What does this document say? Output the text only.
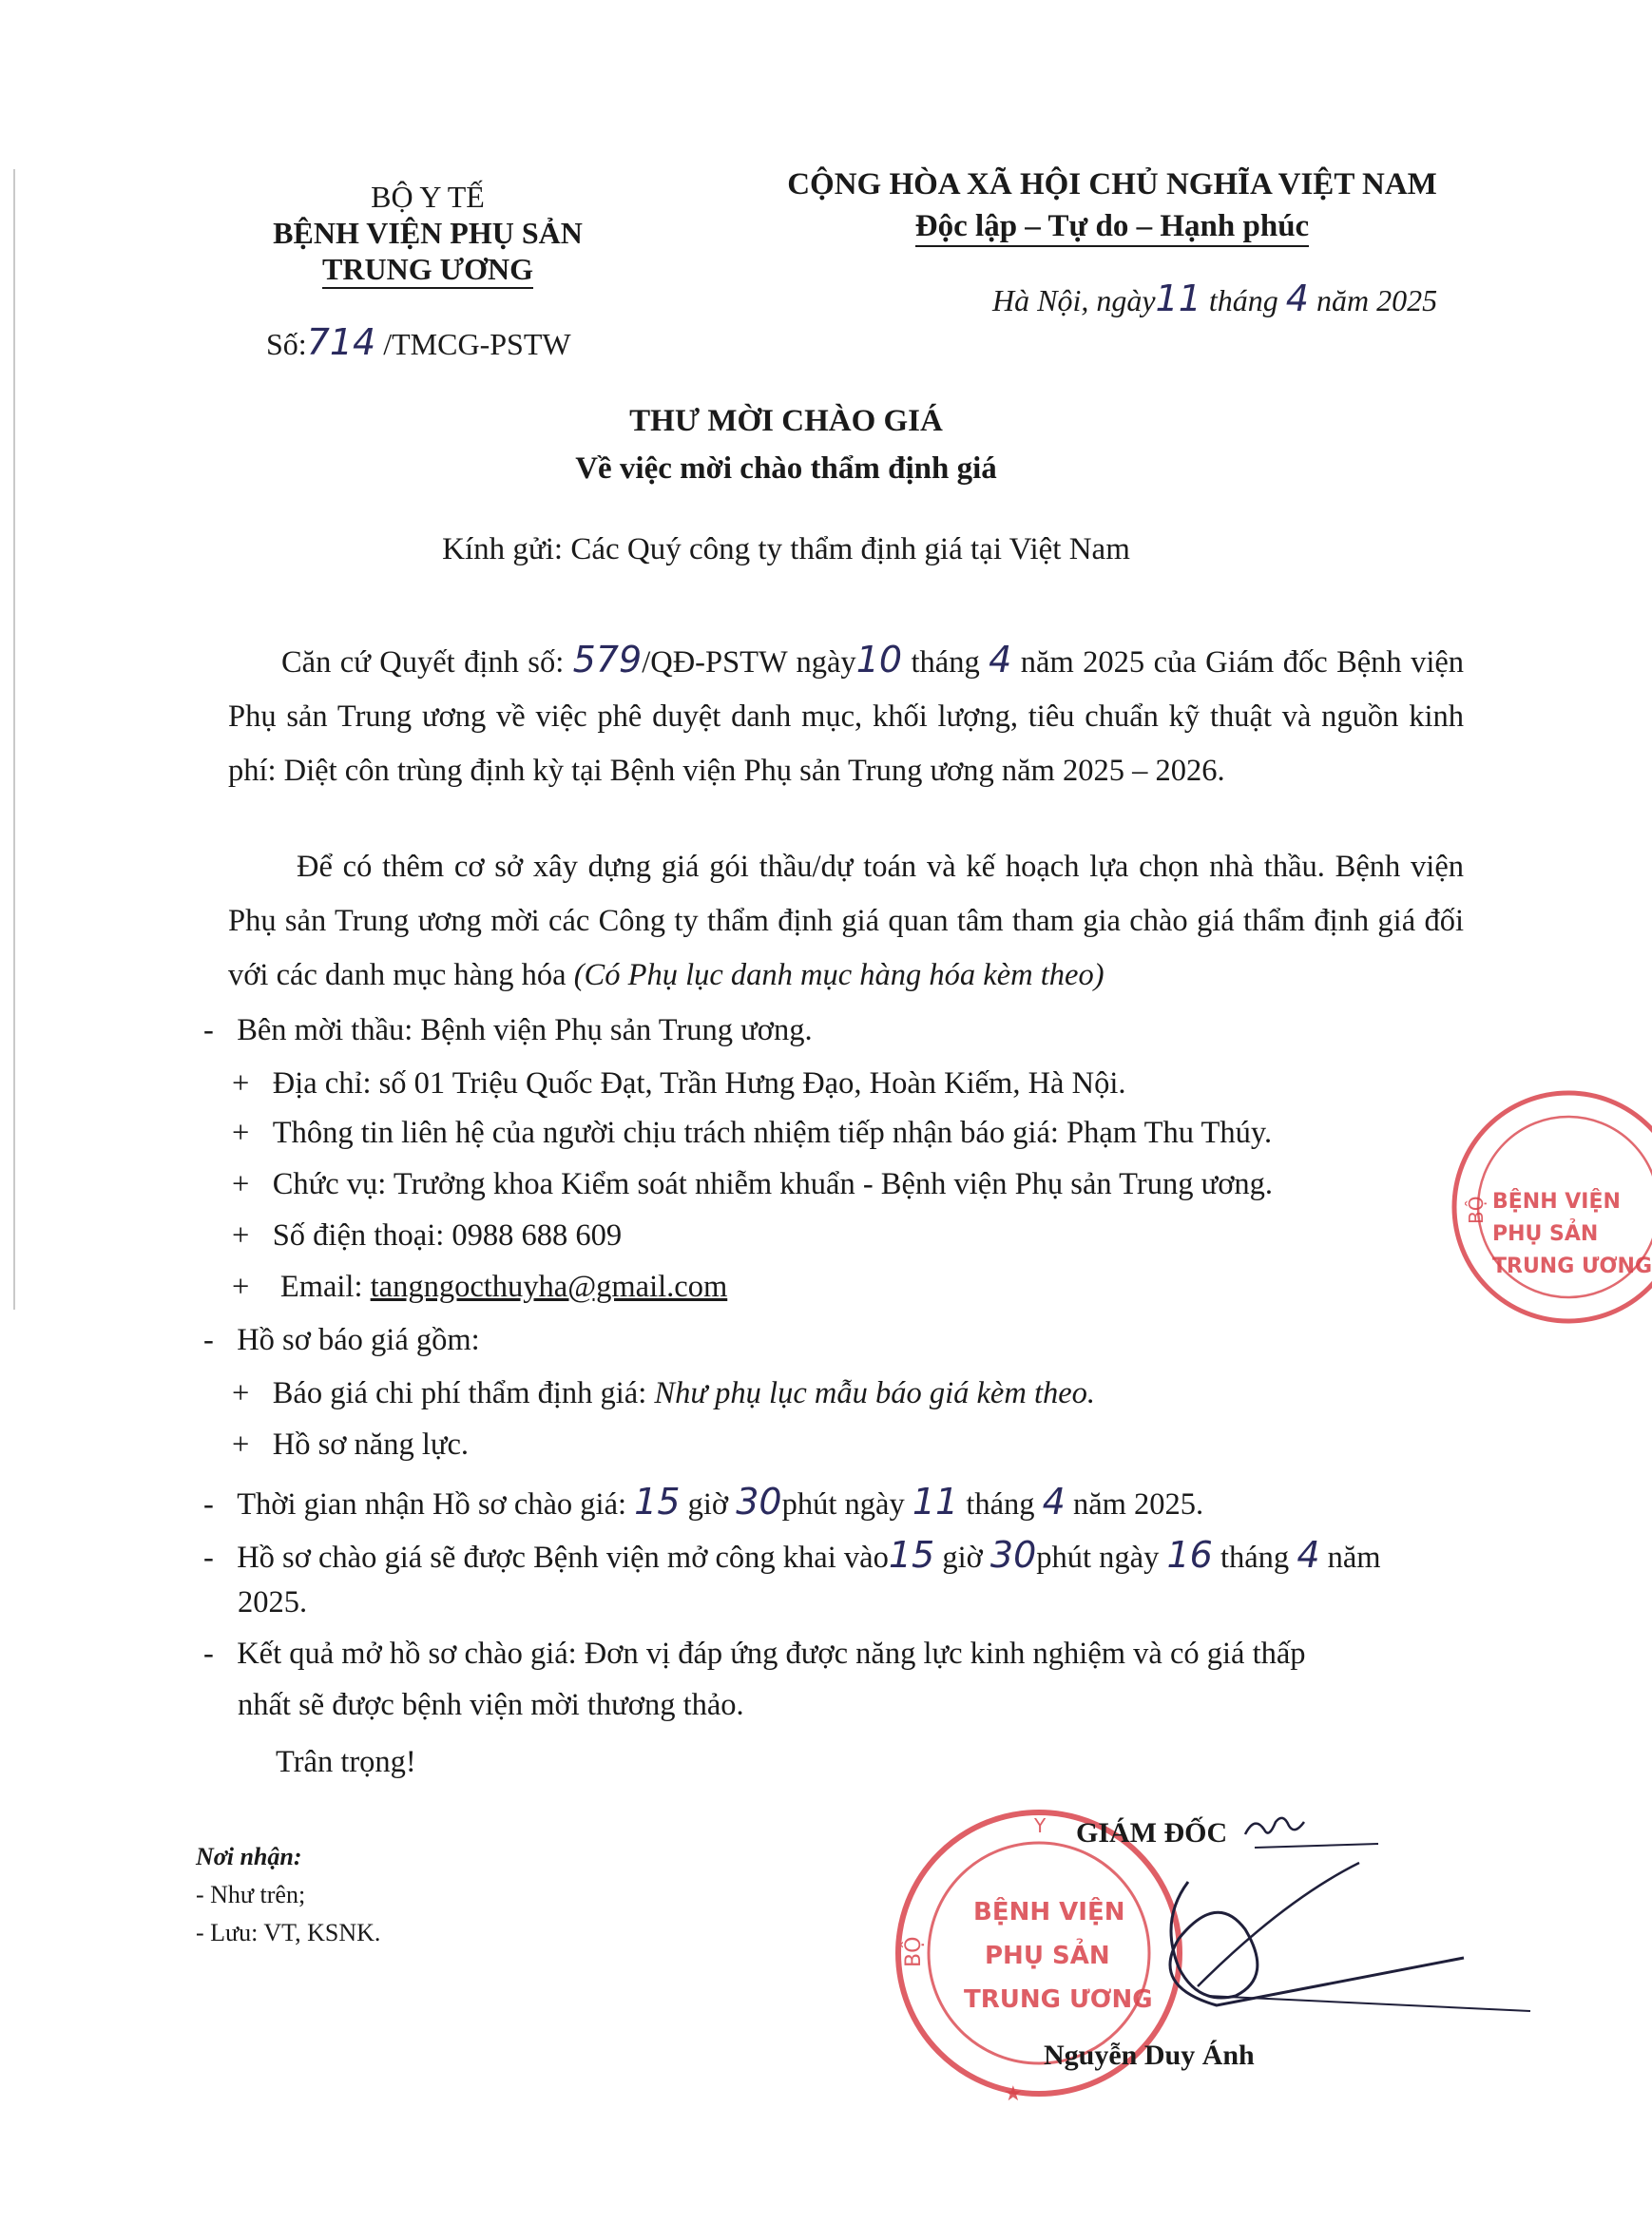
BỘ Y TẾ
BỆNH VIỆN PHỤ SẢN
TRUNG ƯƠNG
Số:714 /TMCG-PSTW
CỘNG HÒA XÃ HỘI CHỦ NGHĨA VIỆT NAM
Độc lập – Tự do – Hạnh phúc
Hà Nội, ngày11 tháng 4 năm 2025
THƯ MỜI CHÀO GIÁ
Về việc mời chào thẩm định giá
Kính gửi: Các Quý công ty thẩm định giá tại Việt Nam
Căn cứ Quyết định số: 579/QĐ-PSTW ngày10 tháng 4 năm 2025 của Giám đốc Bệnh viện Phụ sản Trung ương về việc phê duyệt danh mục, khối lượng, tiêu chuẩn kỹ thuật và nguồn kinh phí: Diệt côn trùng định kỳ tại Bệnh viện Phụ sản Trung ương năm 2025 – 2026.
Để có thêm cơ sở xây dựng giá gói thầu/dự toán và kế hoạch lựa chọn nhà thầu. Bệnh viện Phụ sản Trung ương mời các Công ty thẩm định giá quan tâm tham gia chào giá thẩm định giá đối với các danh mục hàng hóa (Có Phụ lục danh mục hàng hóa kèm theo)
- Bên mời thầu: Bệnh viện Phụ sản Trung ương.
+ Địa chỉ: số 01 Triệu Quốc Đạt, Trần Hưng Đạo, Hoàn Kiếm, Hà Nội.
+ Thông tin liên hệ của người chịu trách nhiệm tiếp nhận báo giá: Phạm Thu Thúy.
+ Chức vụ: Trưởng khoa Kiểm soát nhiễm khuẩn - Bệnh viện Phụ sản Trung ương.
+ Số điện thoại: 0988 688 609
+ Email: tangngocthuyha@gmail.com
- Hồ sơ báo giá gồm:
+ Báo giá chi phí thẩm định giá: Như phụ lục mẫu báo giá kèm theo.
+ Hồ sơ năng lực.
- Thời gian nhận Hồ sơ chào giá: 15 giờ 30phút ngày 11 tháng 4 năm 2025.
- Hồ sơ chào giá sẽ được Bệnh viện mở công khai vào15 giờ 30phút ngày 16 tháng 4 năm
2025.
- Kết quả mở hồ sơ chào giá: Đơn vị đáp ứng được năng lực kinh nghiệm và có giá thấp
nhất sẽ được bệnh viện mời thương thảo.
Trân trọng!
Nơi nhận:
- Như trên;
- Lưu: VT, KSNK.
BỘ BỆNH VIỆN
PHỤ SẢN
TRUNG ƯƠNG
Y
BỘ
BỆNH VIỆN
PHỤ SẢN
TRUNG ƯƠNG
★
GIÁM ĐỐC
Nguyễn Duy Ánh
